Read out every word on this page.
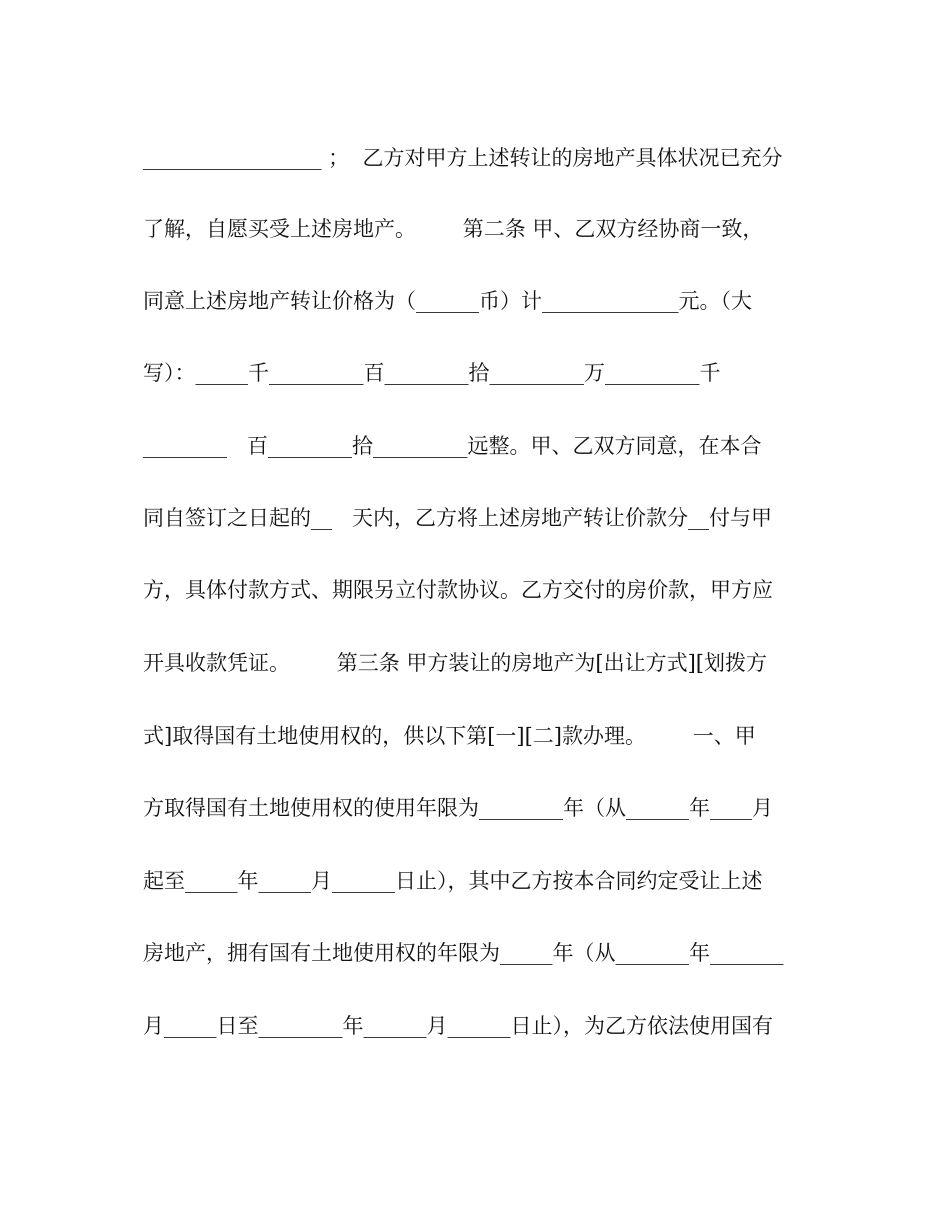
_________________ ；  乙方对甲方上述转让的房地产具体状况已充分
了解，自愿买受上述房地产。       第二条 甲、乙双方经协商一致，
同意上述房地产转让价格为（______币）计_____________元。（大
写）：_____千_________百________拾_________万_________千
________   百________拾_________远整。甲、乙双方同意，在本合
同自签订之日起的__   天内，乙方将上述房地产转让价款分__付与甲
方，具体付款方式、期限另立付款协议。乙方交付的房价款，甲方应
开具收款凭证。       第三条 甲方装让的房地产为[出让方式][划拨方
式]取得国有土地使用权的，供以下第[一][二]款办理。       一、甲
方取得国有土地使用权的使用年限为________年（从______年____月
起至_____年_____月______日止），其中乙方按本合同约定受让上述
房地产，拥有国有土地使用权的年限为_____年（从_______年_______
月_____日至________年______月______日止），为乙方依法使用国有
